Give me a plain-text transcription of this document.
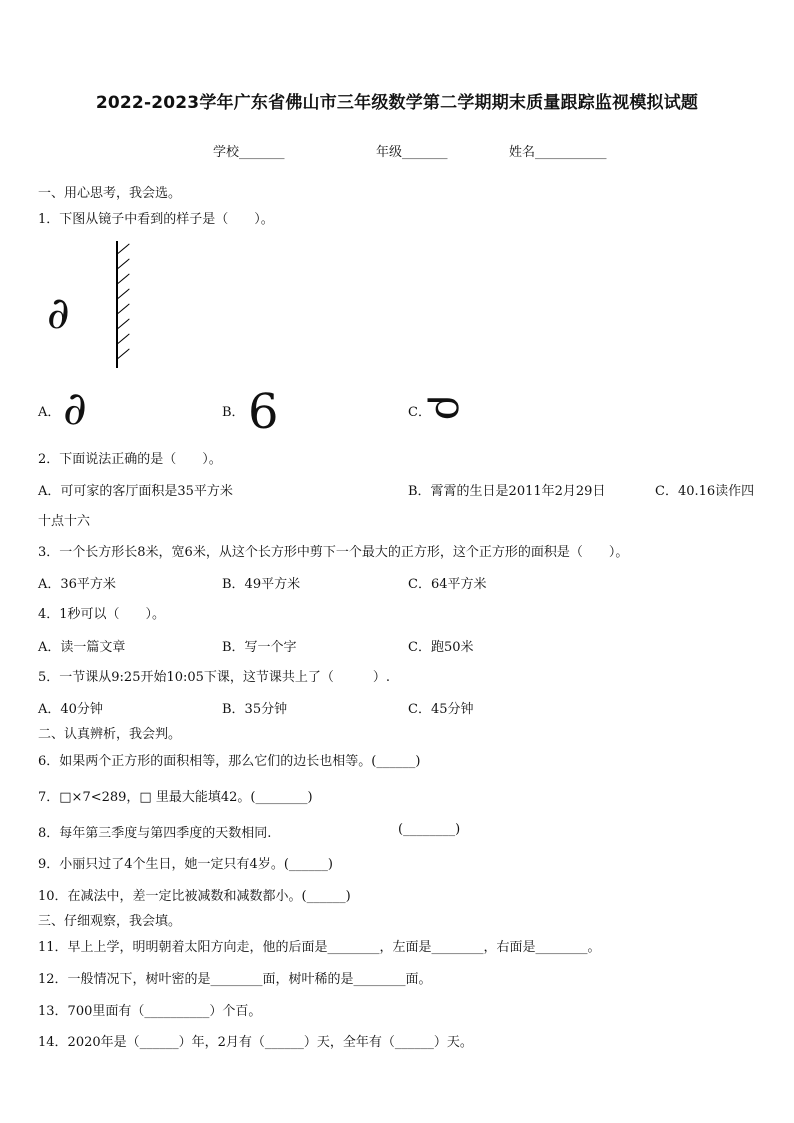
2022-2023学年广东省佛山市三年级数学第二学期期末质量跟踪监视模拟试题
学校_______	年级_______	姓名___________
一、用心思考，我会选。
1．下图从镜子中看到的样子是（　　）。
∂
A． ∂	B． 6	C．
ρ
2．下面说法正确的是（　　）。
A．可可家的客厅面积是35平方米	B．霄霄的生日是2011年2月29日	C．40.16读作四
十点十六
3．一个长方形长8米，宽6米，从这个长方形中剪下一个最大的正方形，这个正方形的面积是（　　）。
A．36平方米	B．49平方米	C．64平方米
4．1秒可以（　　）。
A．读一篇文章	B．写一个字	C．跑50米
5．一节课从9:25开始10:05下课，这节课共上了（　　　）.
A．40分钟	B．35分钟	C．45分钟
二、认真辨析，我会判。
6．如果两个正方形的面积相等，那么它们的边长也相等。(______)
7．□×7<289，□ 里最大能填42。(________)
8．每年第三季度与第四季度的天数相同.	(________)
9．小丽只过了4个生日，她一定只有4岁。(______)
10．在减法中，差一定比被减数和减数都小。(______)
三、仔细观察，我会填。
11．早上上学，明明朝着太阳方向走，他的后面是________，左面是________，右面是________。
12．一般情况下，树叶密的是________面，树叶稀的是________面。
13．700里面有（__________）个百。
14．2020年是（______）年，2月有（______）天，全年有（______）天。
